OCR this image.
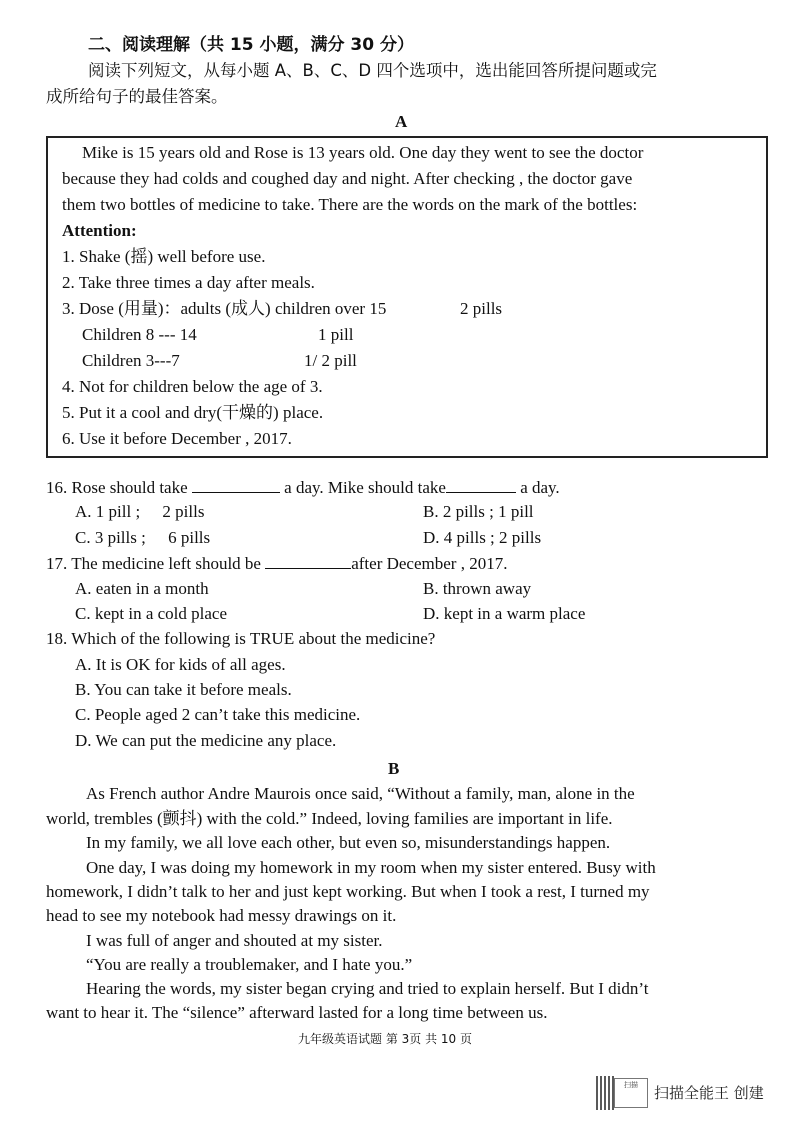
二、阅读理解（共 15 小题，满分 30 分）
阅读下列短文，从每小题 A、B、C、D 四个选项中，选出能回答所提问题或完
成所给句子的最佳答案。
A
Mike is 15 years old and Rose is 13 years old. One day they went to see the doctor
because they had colds and coughed day and night. After checking , the doctor gave
them two bottles of medicine to take. There are the words on the mark of the bottles:
Attention:
1. Shake (摇) well before use.
2. Take three times a day after meals.
3. Dose (用量)：adults (成人) children over 15	2 pills
Children 8 --- 14	1 pill
Children 3---7	1/ 2 pill
4. Not for children below the age of 3.
5. Put it a cool and dry(干燥的) place.
6. Use it before December , 2017.
16. Rose should take	a day. Mike should take	a day.
A. 1 pill ; 2 pills	B. 2 pills ; 1 pill
C. 3 pills ; 6 pills	D. 4 pills ; 2 pills
17. The medicine left should be	after December , 2017.
A. eaten in a month	B. thrown away
C. kept in a cold place	D. kept in a warm place
18. Which of the following is TRUE about the medicine?
A. It is OK for kids of all ages.
B. You can take it before meals.
C. People aged 2 can’t take this medicine.
D. We can put the medicine any place.
B
As French author Andre Maurois once said, “Without a family, man, alone in the
world, trembles (颤抖) with the cold.” Indeed, loving families are important in life.
In my family, we all love each other, but even so, misunderstandings happen.
One day, I was doing my homework in my room when my sister entered. Busy with
homework, I didn’t talk to her and just kept working. But when I took a rest, I turned my
head to see my notebook had messy drawings on it.
I was full of anger and shouted at my sister.
“You are really a troublemaker, and I hate you.”
Hearing the words, my sister began crying and tried to explain herself. But I didn’t
want to hear it. The “silence” afterward lasted for a long time between us.
九年级英语试题 第 3页 共 10 页
扫描	扫描全能王 创建
